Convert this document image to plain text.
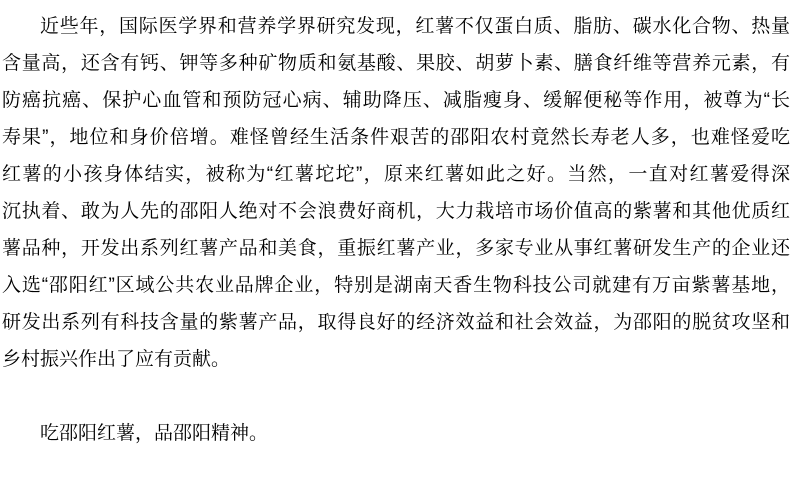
近些年，国际医学界和营养学界研究发现，红薯不仅蛋白质、脂肪、碳水化合物、热量
含量高，还含有钙、钾等多种矿物质和氨基酸、果胶、胡萝卜素、膳食纤维等营养元素，有
防癌抗癌、保护心血管和预防冠心病、辅助降压、减脂瘦身、缓解便秘等作用，被尊为“长
寿果”，地位和身价倍增。难怪曾经生活条件艰苦的邵阳农村竟然长寿老人多，也难怪爱吃
红薯的小孩身体结实，被称为“红薯坨坨”，原来红薯如此之好。当然，一直对红薯爱得深
沉执着、敢为人先的邵阳人绝对不会浪费好商机，大力栽培市场价值高的紫薯和其他优质红
薯品种，开发出系列红薯产品和美食，重振红薯产业，多家专业从事红薯研发生产的企业还
入选“邵阳红”区域公共农业品牌企业，特别是湖南天香生物科技公司就建有万亩紫薯基地，
研发出系列有科技含量的紫薯产品，取得良好的经济效益和社会效益，为邵阳的脱贫攻坚和
乡村振兴作出了应有贡献。
吃邵阳红薯，品邵阳精神。
